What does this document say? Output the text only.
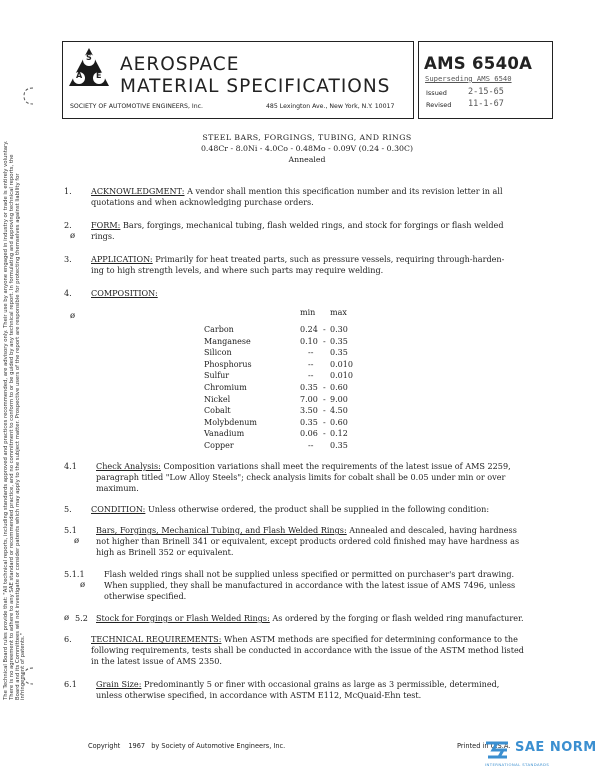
The Technical Board rules provide that: "All technical reports, including standards approved and practices recommended, are advisory only. Their use by anyone engaged in industry or trade is entirely voluntary. There is no agreement to adhere to any SAE standard or recommended practice, and no commitment to conform to or be guided by any technical report. In formulating and approving technical reports, the Board and its Committees will not investigate or consider patents which may apply to the subject matter. Prospective users of the report are responsible for protecting themselves against liability for infringement of patents."
S
A E
AEROSPACE
MATERIAL SPECIFICATIONS
SOCIETY OF AUTOMOTIVE ENGINEERS, Inc.	485 Lexington Ave., New York, N.Y. 10017
AMS 6540A
Superseding AMS 6540
Issued 2-15-65
Revised 11-1-67
STEEL BARS, FORGINGS, TUBING, AND RINGS
0.48Cr - 8.0Ni - 4.0Co - 0.48Mo - 0.09V (0.24 - 0.30C)
Annealed
1. ACKNOWLEDGMENT: A vendor shall mention this specification number and its revision letter in all
quotations and when acknowledging purchase orders.
2.
ø
FORM: Bars, forgings, mechanical tubing, flash welded rings, and stock for forgings or flash welded
rings.
3. APPLICATION: Primarily for heat treated parts, such as pressure vessels, requiring through-harden-
ing to high strength levels, and where such parts may require welding.
4. COMPOSITION:
ø	min max
Carbon	0.24 - 0.30
Manganese	0.10 - 0.35
Silicon	-- 0.35
Phosphorus	-- 0.010
Sulfur	-- 0.010
Chromium	0.35 - 0.60
Nickel	7.00 - 9.00
Cobalt	3.50 - 4.50
Molybdenum	0.35 - 0.60
Vanadium	0.06 - 0.12
Copper	-- 0.35
4.1 Check Analysis: Composition variations shall meet the requirements of the latest issue of AMS 2259,
paragraph titled "Low Alloy Steels"; check analysis limits for cobalt shall be 0.05 under min or over
maximum.
5. CONDITION: Unless otherwise ordered, the product shall be supplied in the following condition:
5.1
ø
Bars, Forgings, Mechanical Tubing, and Flash Welded Rings: Annealed and descaled, having hardness
not higher than Brinell 341 or equivalent, except products ordered cold finished may have hardness as
high as Brinell 352 or equivalent.
5.1.1
ø
Flash welded rings shall not be supplied unless specified or permitted on purchaser's part drawing.
When supplied, they shall be manufactured in accordance with the latest issue of AMS 7496, unless
otherwise specified.
ø 5.2 Stock for Forgings or Flash Welded Rings: As ordered by the forging or flash welded ring manufacturer.
6. TECHNICAL REQUIREMENTS: When ASTM methods are specified for determining conformance to the
following requirements, tests shall be conducted in accordance with the issue of the ASTM method listed
in the latest issue of AMS 2350.
6.1 Grain Size: Predominantly 5 or finer with occasional grains as large as 3 permissible, determined,
unless otherwise specified, in accordance with ASTM E112, McQuaid-Ehn test.
Copyright 1967 by Society of Automotive Engineers, Inc.	Printed in U.S.A. SAE NORM
INTERNATIONAL STANDARDS
